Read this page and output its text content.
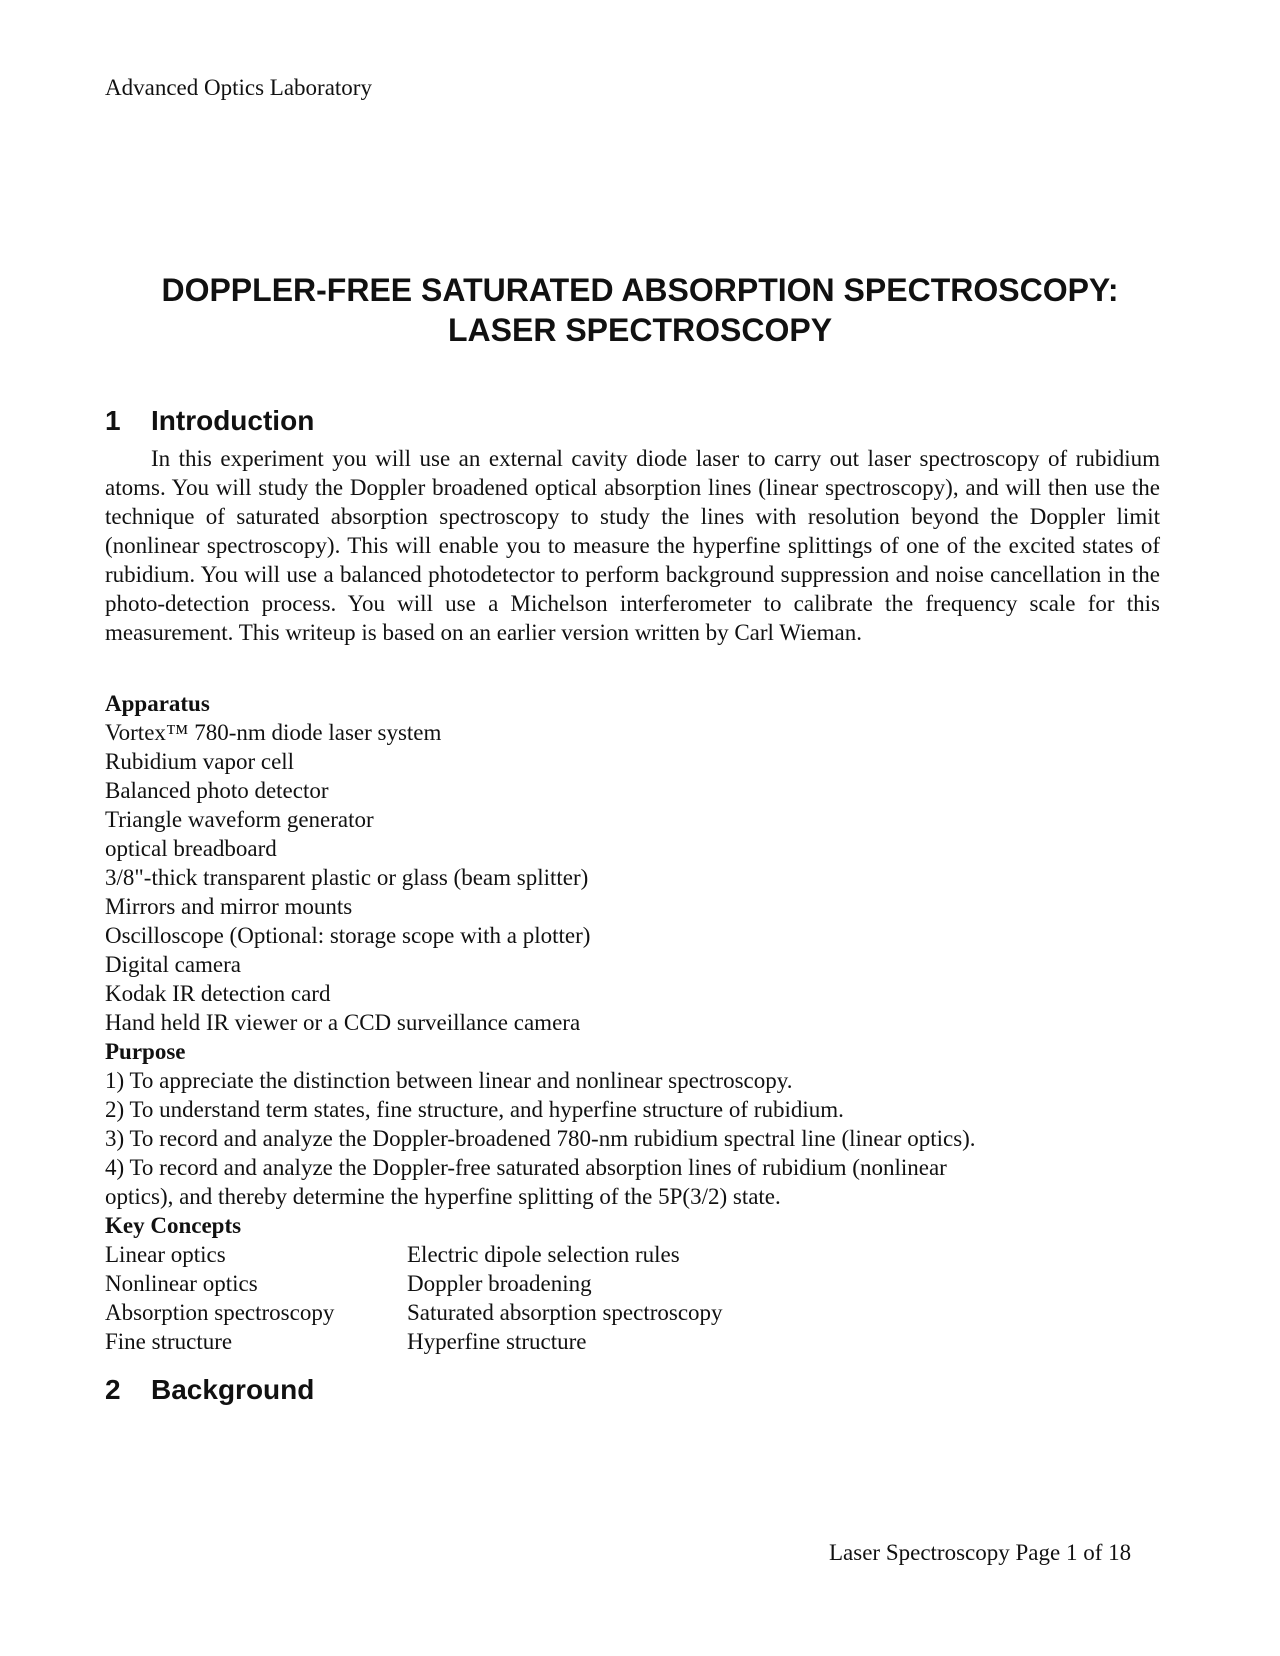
Advanced Optics Laboratory
DOPPLER-FREE SATURATED ABSORPTION SPECTROSCOPY:
LASER SPECTROSCOPY
1 Introduction

In this experiment you will use an external cavity diode laser to carry out laser spectroscopy of rubidium atoms. You will study the Doppler broadened optical absorption lines (linear spectroscopy), and will then use the technique of saturated absorption spectroscopy to study the lines with resolution beyond the Doppler limit (nonlinear spectroscopy). This will enable you to measure the hyperfine splittings of one of the excited states of rubidium. You will use a balanced photodetector to perform background suppression and noise cancellation in the photo-detection process. You will use a Michelson interferometer to calibrate the frequency scale for this measurement. This writeup is based on an earlier version written by Carl Wieman.

Apparatus
Vortex™ 780-nm diode laser system
Rubidium vapor cell
Balanced photo detector
Triangle waveform generator
optical breadboard
3/8"-thick transparent plastic or glass (beam splitter)
Mirrors and mirror mounts
Oscilloscope (Optional: storage scope with a plotter)
Digital camera
Kodak IR detection card
Hand held IR viewer or a CCD surveillance camera
Purpose
1) To appreciate the distinction between linear and nonlinear spectroscopy.
2) To understand term states, fine structure, and hyperfine structure of rubidium.
3) To record and analyze the Doppler-broadened 780-nm rubidium spectral line (linear optics).
4) To record and analyze the Doppler-free saturated absorption lines of rubidium (nonlinear
optics), and thereby determine the hyperfine splitting of the 5P(3/2) state.
Key Concepts
Linear optics	Electric dipole selection rules
Nonlinear optics	Doppler broadening
Absorption spectroscopy	Saturated absorption spectroscopy
Fine structure	Hyperfine structure
2 Background
Laser Spectroscopy Page 1 of 18
